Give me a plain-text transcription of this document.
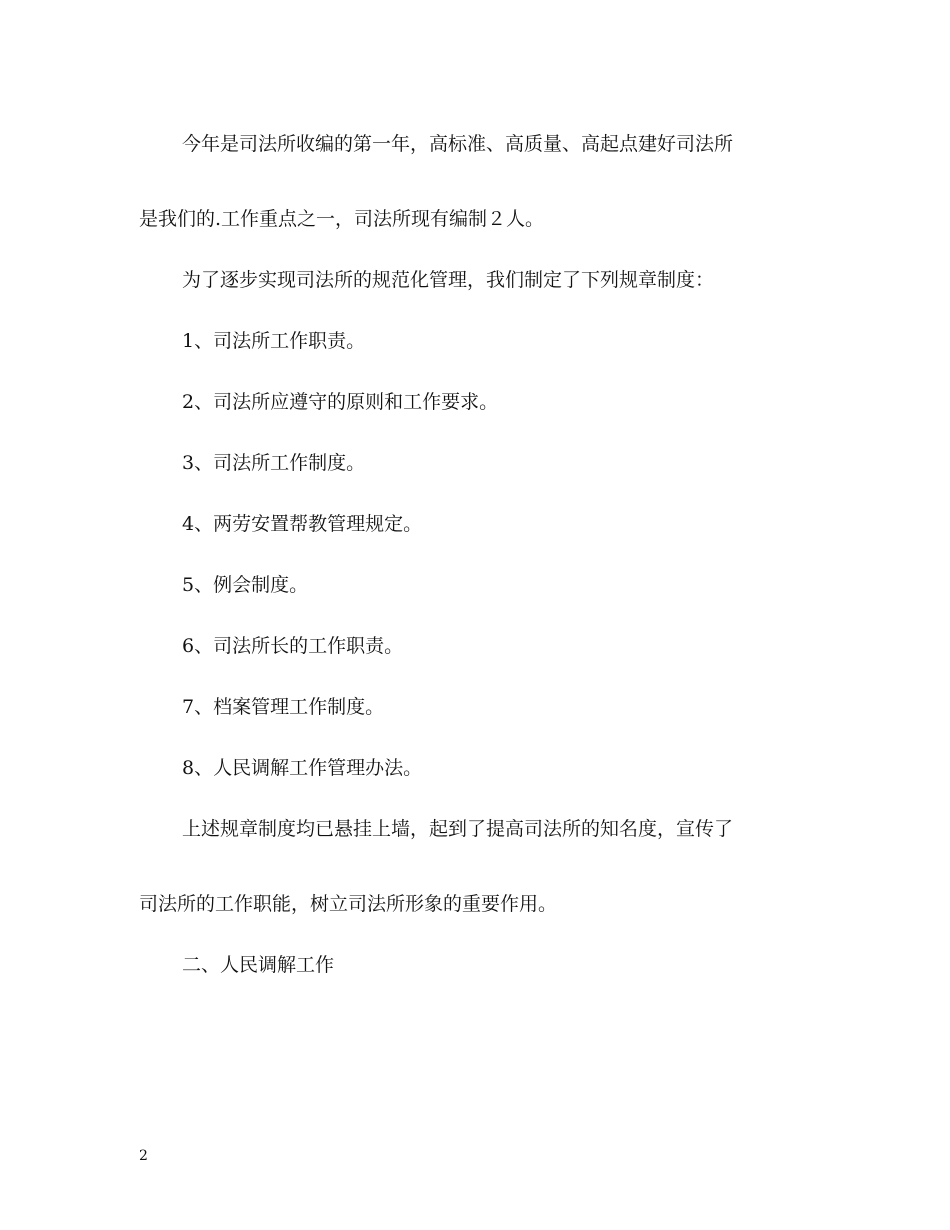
今年是司法所收编的第一年，高标准、高质量、高起点建好司法所

是我们的.工作重点之一，司法所现有编制２人。

为了逐步实现司法所的规范化管理，我们制定了下列规章制度：

1、司法所工作职责。

2、司法所应遵守的原则和工作要求。

3、司法所工作制度。

4、两劳安置帮教管理规定。

5、例会制度。

6、司法所长的工作职责。

7、档案管理工作制度。

8、人民调解工作管理办法。

上述规章制度均已悬挂上墙，起到了提高司法所的知名度，宣传了

司法所的工作职能，树立司法所形象的重要作用。

二、人民调解工作

2
